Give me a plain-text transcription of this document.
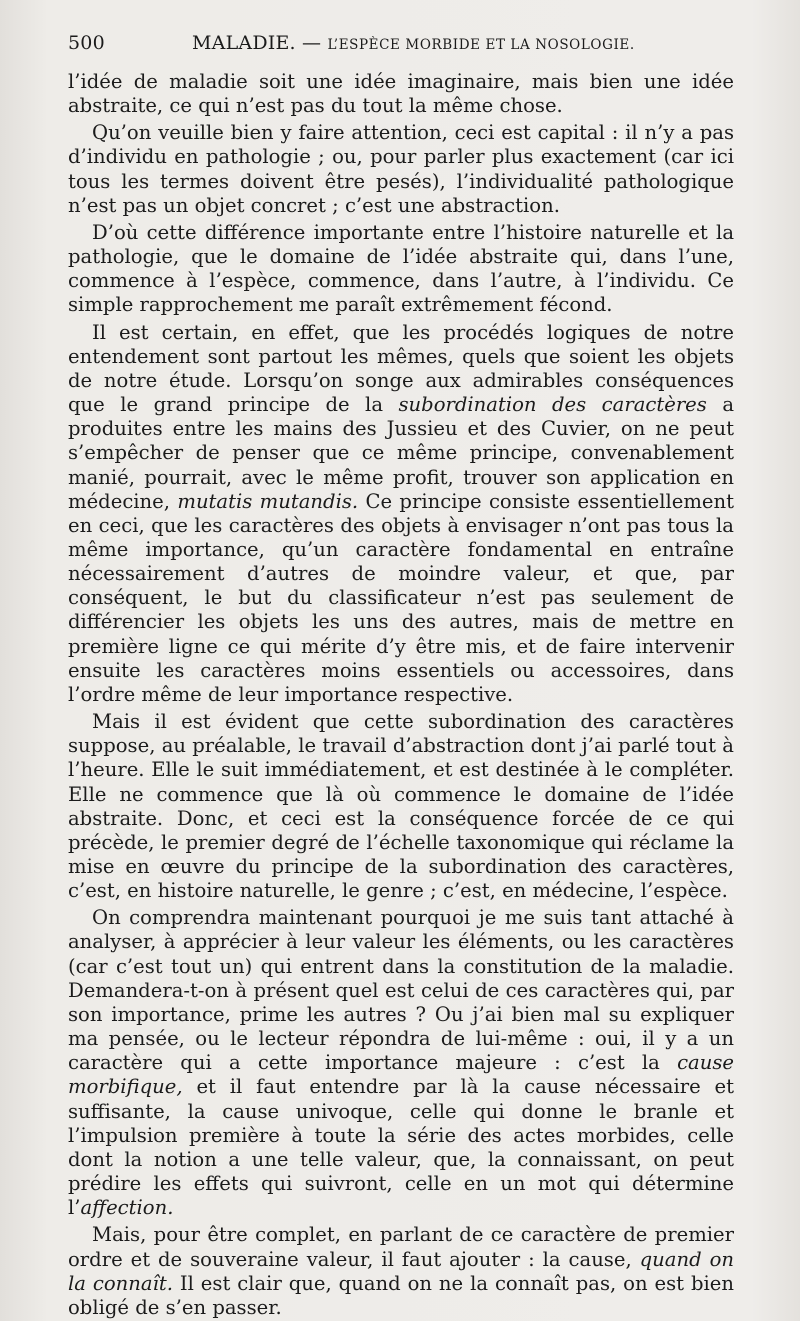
500	MALADIE. — L’ESPÈCE MORBIDE ET LA NOSOLOGIE.

l’idée de maladie soit une idée imaginaire, mais bien une idée abstraite, ce qui n’est pas du tout la même chose.

Qu’on veuille bien y faire attention, ceci est capital : il n’y a pas d’individu en pathologie ; ou, pour parler plus exactement (car ici tous les termes doivent être pesés), l’individualité pathologique n’est pas un objet concret ; c’est une abstraction.

D’où cette différence importante entre l’histoire naturelle et la pathologie, que le domaine de l’idée abstraite qui, dans l’une, commence à l’espèce, commence, dans l’autre, à l’individu. Ce simple rapprochement me paraît extrêmement fécond.

Il est certain, en effet, que les procédés logiques de notre entendement sont partout les mêmes, quels que soient les objets de notre étude. Lorsqu’on songe aux admirables conséquences que le grand principe de la subordination des caractères a produites entre les mains des Jussieu et des Cuvier, on ne peut s’empêcher de penser que ce même principe, convenablement manié, pourrait, avec le même profit, trouver son application en médecine, mutatis mutandis. Ce principe consiste essentiellement en ceci, que les caractères des objets à envisager n’ont pas tous la même importance, qu’un caractère fondamental en entraîne nécessairement d’autres de moindre valeur, et que, par conséquent, le but du classificateur n’est pas seulement de différencier les objets les uns des autres, mais de mettre en première ligne ce qui mérite d’y être mis, et de faire intervenir ensuite les caractères moins essentiels ou accessoires, dans l’ordre même de leur importance respective.

Mais il est évident que cette subordination des caractères suppose, au préalable, le travail d’abstraction dont j’ai parlé tout à l’heure. Elle le suit immédiatement, et est destinée à le compléter. Elle ne commence que là où commence le domaine de l’idée abstraite. Donc, et ceci est la conséquence forcée de ce qui précède, le premier degré de l’échelle taxonomique qui réclame la mise en œuvre du principe de la subordination des caractères, c’est, en histoire naturelle, le genre ; c’est, en médecine, l’espèce.

On comprendra maintenant pourquoi je me suis tant attaché à analyser, à apprécier à leur valeur les éléments, ou les caractères (car c’est tout un) qui entrent dans la constitution de la maladie. Demandera-t-on à présent quel est celui de ces caractères qui, par son importance, prime les autres ? Ou j’ai bien mal su expliquer ma pensée, ou le lecteur répondra de lui-même : oui, il y a un caractère qui a cette importance majeure : c’est la cause morbifique, et il faut entendre par là la cause nécessaire et suffisante, la cause univoque, celle qui donne le branle et l’impulsion première à toute la série des actes morbides, celle dont la notion a une telle valeur, que, la connaissant, on peut prédire les effets qui suivront, celle en un mot qui détermine l’affection.

Mais, pour être complet, en parlant de ce caractère de premier ordre et de souveraine valeur, il faut ajouter : la cause, quand on la connaît. Il est clair que, quand on ne la connaît pas, on est bien obligé de s’en passer.
